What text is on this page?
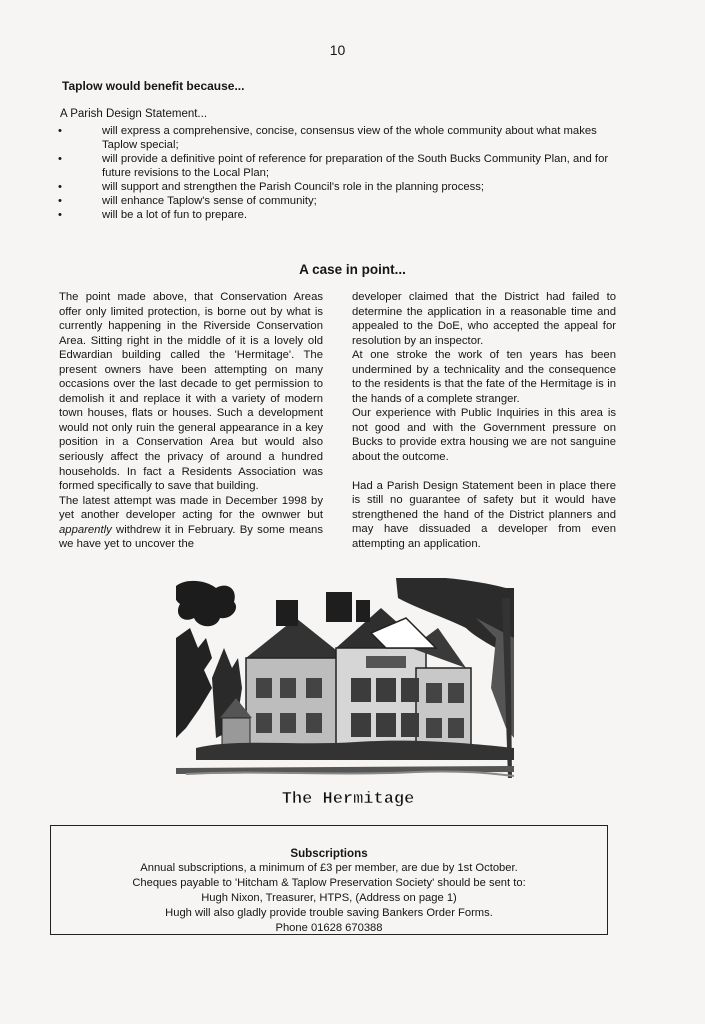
10
Taplow would benefit because...
A Parish Design Statement...
•	will express a comprehensive, concise, consensus view of the whole community about what makes Taplow special;
•	will provide a definitive point of reference for preparation of the South Bucks Community Plan, and for future revisions to the Local Plan;
•	will support and strengthen the Parish Council's role in the planning process;
•	will enhance Taplow's sense of community;
•	will be a lot of fun to prepare.
A case in point...

The point made above, that Conservation Areas offer only limited protection, is borne out by what is currently happening in the Riverside Conservation Area. Sitting right in the middle of it is a lovely old Edwardian building called the 'Hermitage'. The present owners have been attempting on many occasions over the last decade to get permission to demolish it and replace it with a variety of modern town houses, flats or houses. Such a development would not only ruin the general appearance in a key position in a Conservation Area but would also seriously affect the privacy of around a hundred households. In fact a Residents Association was formed specifically to save that building.

The latest attempt was made in December 1998 by yet another developer acting for the ownwer but apparently withdrew it in February. By some means we have yet to uncover the

developer claimed that the District had failed to determine the application in a reasonable time and appealed to the DoE, who accepted the appeal for resolution by an inspector.

At one stroke the work of ten years has been undermined by a technicality and the consequence to the residents is that the fate of the Hermitage is in the hands of a complete stranger.

Our experience with Public Inquiries in this area is not good and with the Government pressure on Bucks to provide extra housing we are not sanguine about the outcome.

Had a Parish Design Statement been in place there is still no guarantee of safety but it would have strengthened the hand of the District planners and may have dissuaded a developer from even attempting an application.

The Hermitage
Subscriptions
Annual subscriptions, a minimum of £3 per member, are due by 1st October.
Cheques payable to 'Hitcham & Taplow Preservation Society' should be sent to:
Hugh Nixon, Treasurer, HTPS, (Address on page 1)
Hugh will also gladly provide trouble saving Bankers Order Forms.
Phone 01628 670388
